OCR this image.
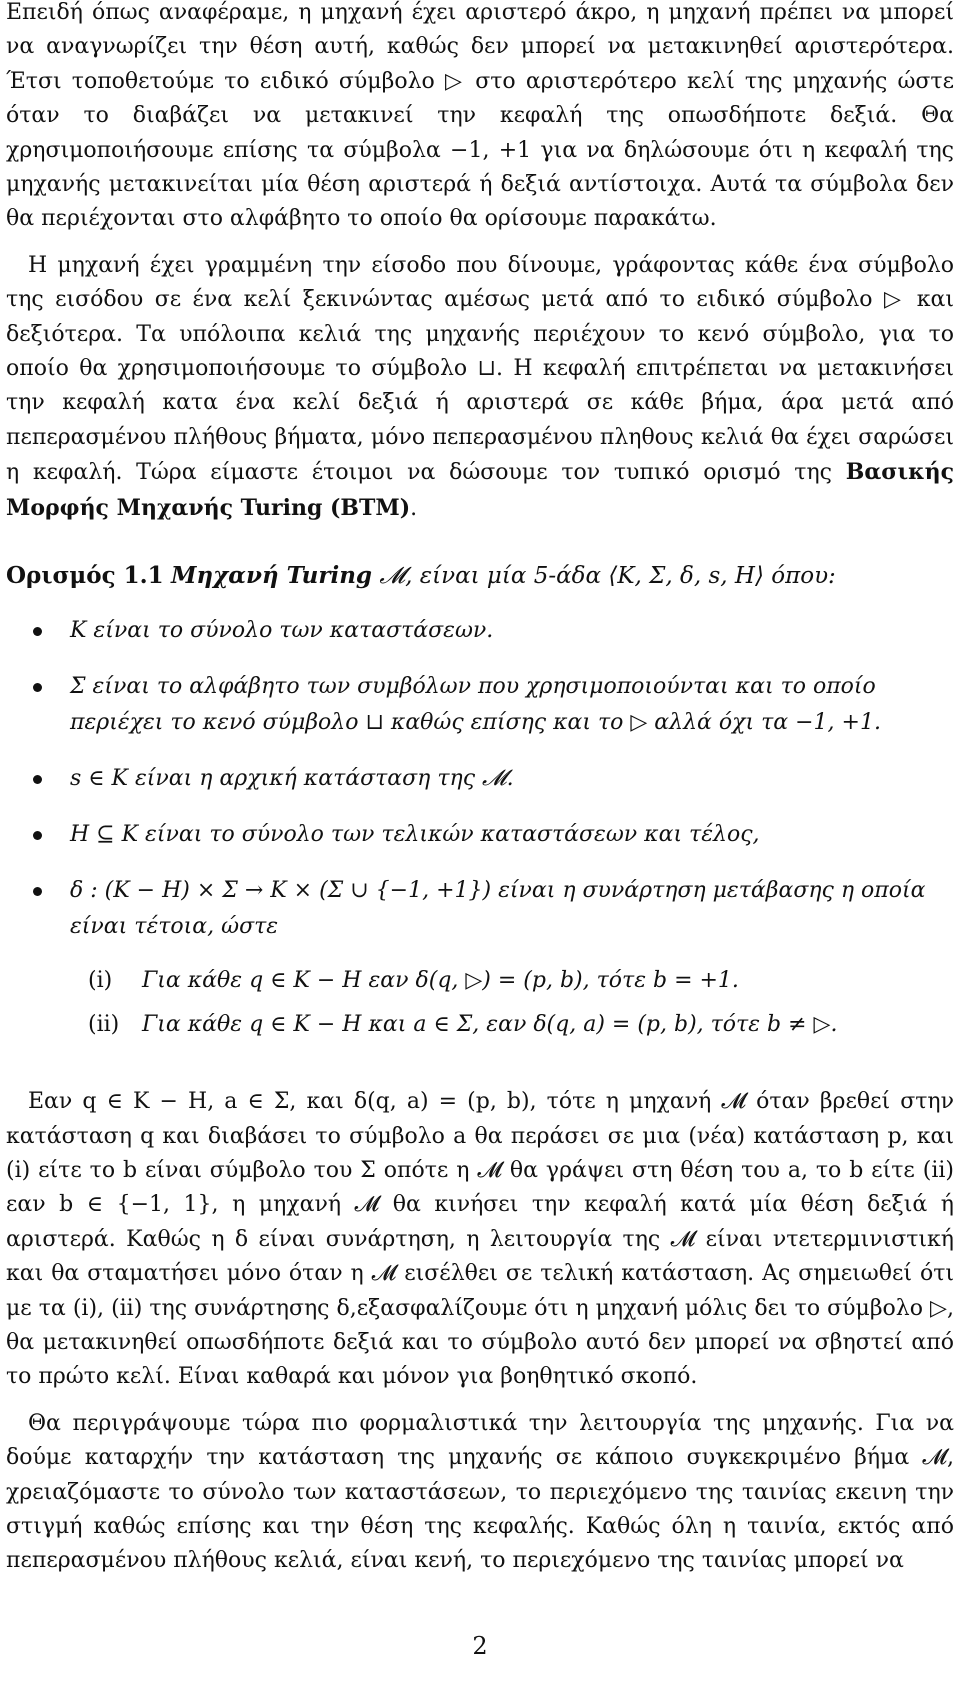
Επειδή όπως αναφέραμε, η μηχανή έχει αριστερό άκρο, η μηχανή πρέπει να μπορεί να αναγνωρίζει την θέση αυτή, καθώς δεν μπορεί να μετακινηθεί αριστερότερα. Έτσι τοποθετούμε το ειδικό σύμβολο ▷ στο αριστερότερο κελί της μηχανής ώστε όταν το διαβάζει να μετακινεί την κεφαλή της οπωσδήποτε δεξιά. Θα χρησιμοποιήσουμε επίσης τα σύμβολα −1, +1 για να δηλώσουμε ότι η κεφαλή της μηχανής μετακινείται μία θέση αριστερά ή δεξιά αντίστοιχα. Αυτά τα σύμβολα δεν θα περιέχονται στο αλφάβητο το οποίο θα ορίσουμε παρακάτω.

Η μηχανή έχει γραμμένη την είσοδο που δίνουμε, γράφοντας κάθε ένα σύμβολο της εισόδου σε ένα κελί ξεκινώντας αμέσως μετά από το ειδικό σύμβολο ▷ και δεξιότερα. Τα υπόλοιπα κελιά της μηχανής περιέχουν το κενό σύμβολο, για το οποίο θα χρησιμοποιήσουμε το σύμβολο ⊔. Η κεφαλή επιτρέπεται να μετακινήσει την κεφαλή κατα ένα κελί δεξιά ή αριστερά σε κάθε βήμα, άρα μετά από πεπερασμένου πλήθους βήματα, μόνο πεπερασμένου πληθους κελιά θα έχει σαρώσει η κεφαλή. Τώρα είμαστε έτοιμοι να δώσουμε τον τυπικό ορισμό της Βασικής Μορφής Μηχανής Turing (BTM).

Ορισμός 1.1 Μηχανή Turing 𝓜, είναι μία 5-άδα ⟨K, Σ, δ, s, H⟩ όπου:

K είναι το σύνολο των καταστάσεων.
Σ είναι το αλφάβητο των συμβόλων που χρησιμοποιούνται και το οποίο περιέχει το κενό σύμβολο ⊔ καθώς επίσης και το ▷ αλλά όχι τα −1, +1.
s ∈ K είναι η αρχική κατάσταση της 𝓜.
H ⊆ K είναι το σύνολο των τελικών καταστάσεων και τέλος,
δ : (K − H) × Σ → K × (Σ ∪ {−1, +1}) είναι η συνάρτηση μετάβασης η οποία είναι τέτοια, ώστε
(i) Για κάθε q ∈ K − H εαν δ(q, ▷) = (p, b), τότε b = +1.
(ii) Για κάθε q ∈ K − H και a ∈ Σ, εαν δ(q, a) = (p, b), τότε b ≠ ▷.

Εαν q ∈ K − H, a ∈ Σ, και δ(q, a) = (p, b), τότε η μηχανή 𝓜 όταν βρεθεί στην κατάσταση q και διαβάσει το σύμβολο a θα περάσει σε μια (νέα) κατάσταση p, και (i) είτε το b είναι σύμβολο του Σ οπότε η 𝓜 θα γράψει στη θέση του a, το b είτε (ii) εαν b ∈ {−1, 1}, η μηχανή 𝓜 θα κινήσει την κεφαλή κατά μία θέση δεξιά ή αριστερά. Καθώς η δ είναι συνάρτηση, η λειτουργία της 𝓜 είναι ντετερμινιστική και θα σταματήσει μόνο όταν η 𝓜 εισέλθει σε τελική κατάσταση. Ας σημειωθεί ότι με τα (i), (ii) της συνάρτησης δ,εξασφαλίζουμε ότι η μηχανή μόλις δει το σύμβολο ▷, θα μετακινηθεί οπωσδήποτε δεξιά και το σύμβολο αυτό δεν μπορεί να σβηστεί από το πρώτο κελί. Είναι καθαρά και μόνον για βοηθητικό σκοπό.

Θα περιγράψουμε τώρα πιο φορμαλιστικά την λειτουργία της μηχανής. Για να δούμε καταρχήν την κατάσταση της μηχανής σε κάποιο συγκεκριμένο βήμα 𝓜, χρειαζόμαστε το σύνολο των καταστάσεων, το περιεχόμενο της ταινίας εκεινη την στιγμή καθώς επίσης και την θέση της κεφαλής. Καθώς όλη η ταινία, εκτός από πεπερασμένου πλήθους κελιά, είναι κενή, το περιεχόμενο της ταινίας μπορεί να

2
